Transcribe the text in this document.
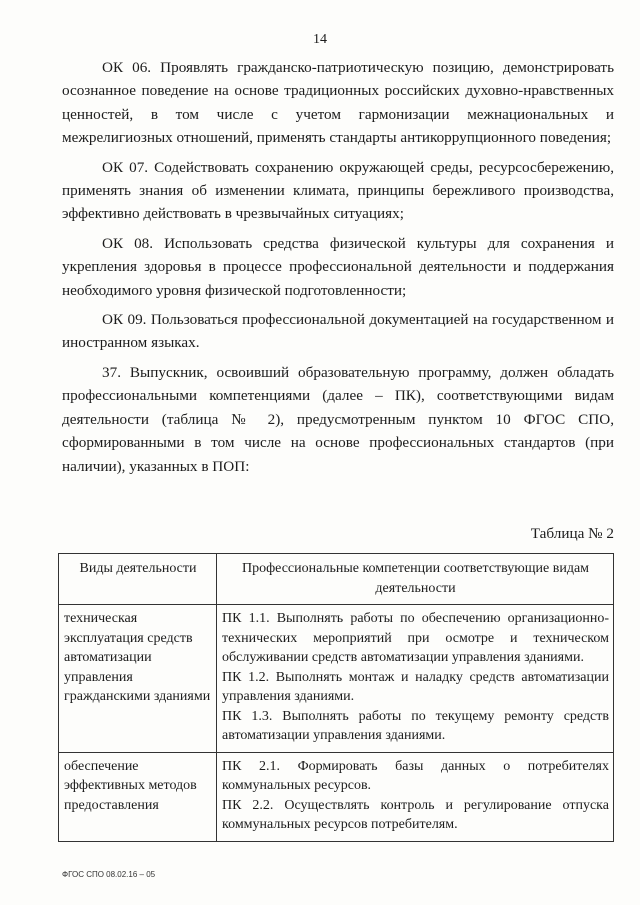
14

ОК 06. Проявлять гражданско-патриотическую позицию, демонстрировать осознанное поведение на основе традиционных российских духовно-нравственных ценностей, в том числе с учетом гармонизации межнациональных и межрелигиозных отношений, применять стандарты антикоррупционного поведения;

ОК 07. Содействовать сохранению окружающей среды, ресурсосбережению, применять знания об изменении климата, принципы бережливого производства, эффективно действовать в чрезвычайных ситуациях;

ОК 08. Использовать средства физической культуры для сохранения и укрепления здоровья в процессе профессиональной деятельности и поддержания необходимого уровня физической подготовленности;

ОК 09. Пользоваться профессиональной документацией на государственном и иностранном языках.

37. Выпускник, освоивший образовательную программу, должен обладать профессиональными компетенциями (далее – ПК), соответствующими видам деятельности (таблица № 2), предусмотренным пунктом 10 ФГОС СПО, сформированными в том числе на основе профессиональных стандартов (при наличии), указанных в ПОП:

Таблица № 2
Виды деятельности	Профессиональные компетенции соответствующие видам деятельности
техническая эксплуатация средств автоматизации управления гражданскими зданиями	ПК 1.1. Выполнять работы по обеспечению организационно-технических мероприятий при осмотре и техническом обслуживании средств автоматизации управления зданиями.

ПК 1.2. Выполнять монтаж и наладку средств автоматизации управления зданиями.

ПК 1.3. Выполнять работы по текущему ремонту средств автоматизации управления зданиями.

обеспечение эффективных методов предоставления	ПК 2.1. Формировать базы данных о потребителях коммунальных ресурсов.

ПК 2.2. Осуществлять контроль и регулирование отпуска коммунальных ресурсов потребителям.

ФГОС СПО 08.02.16 – 05
